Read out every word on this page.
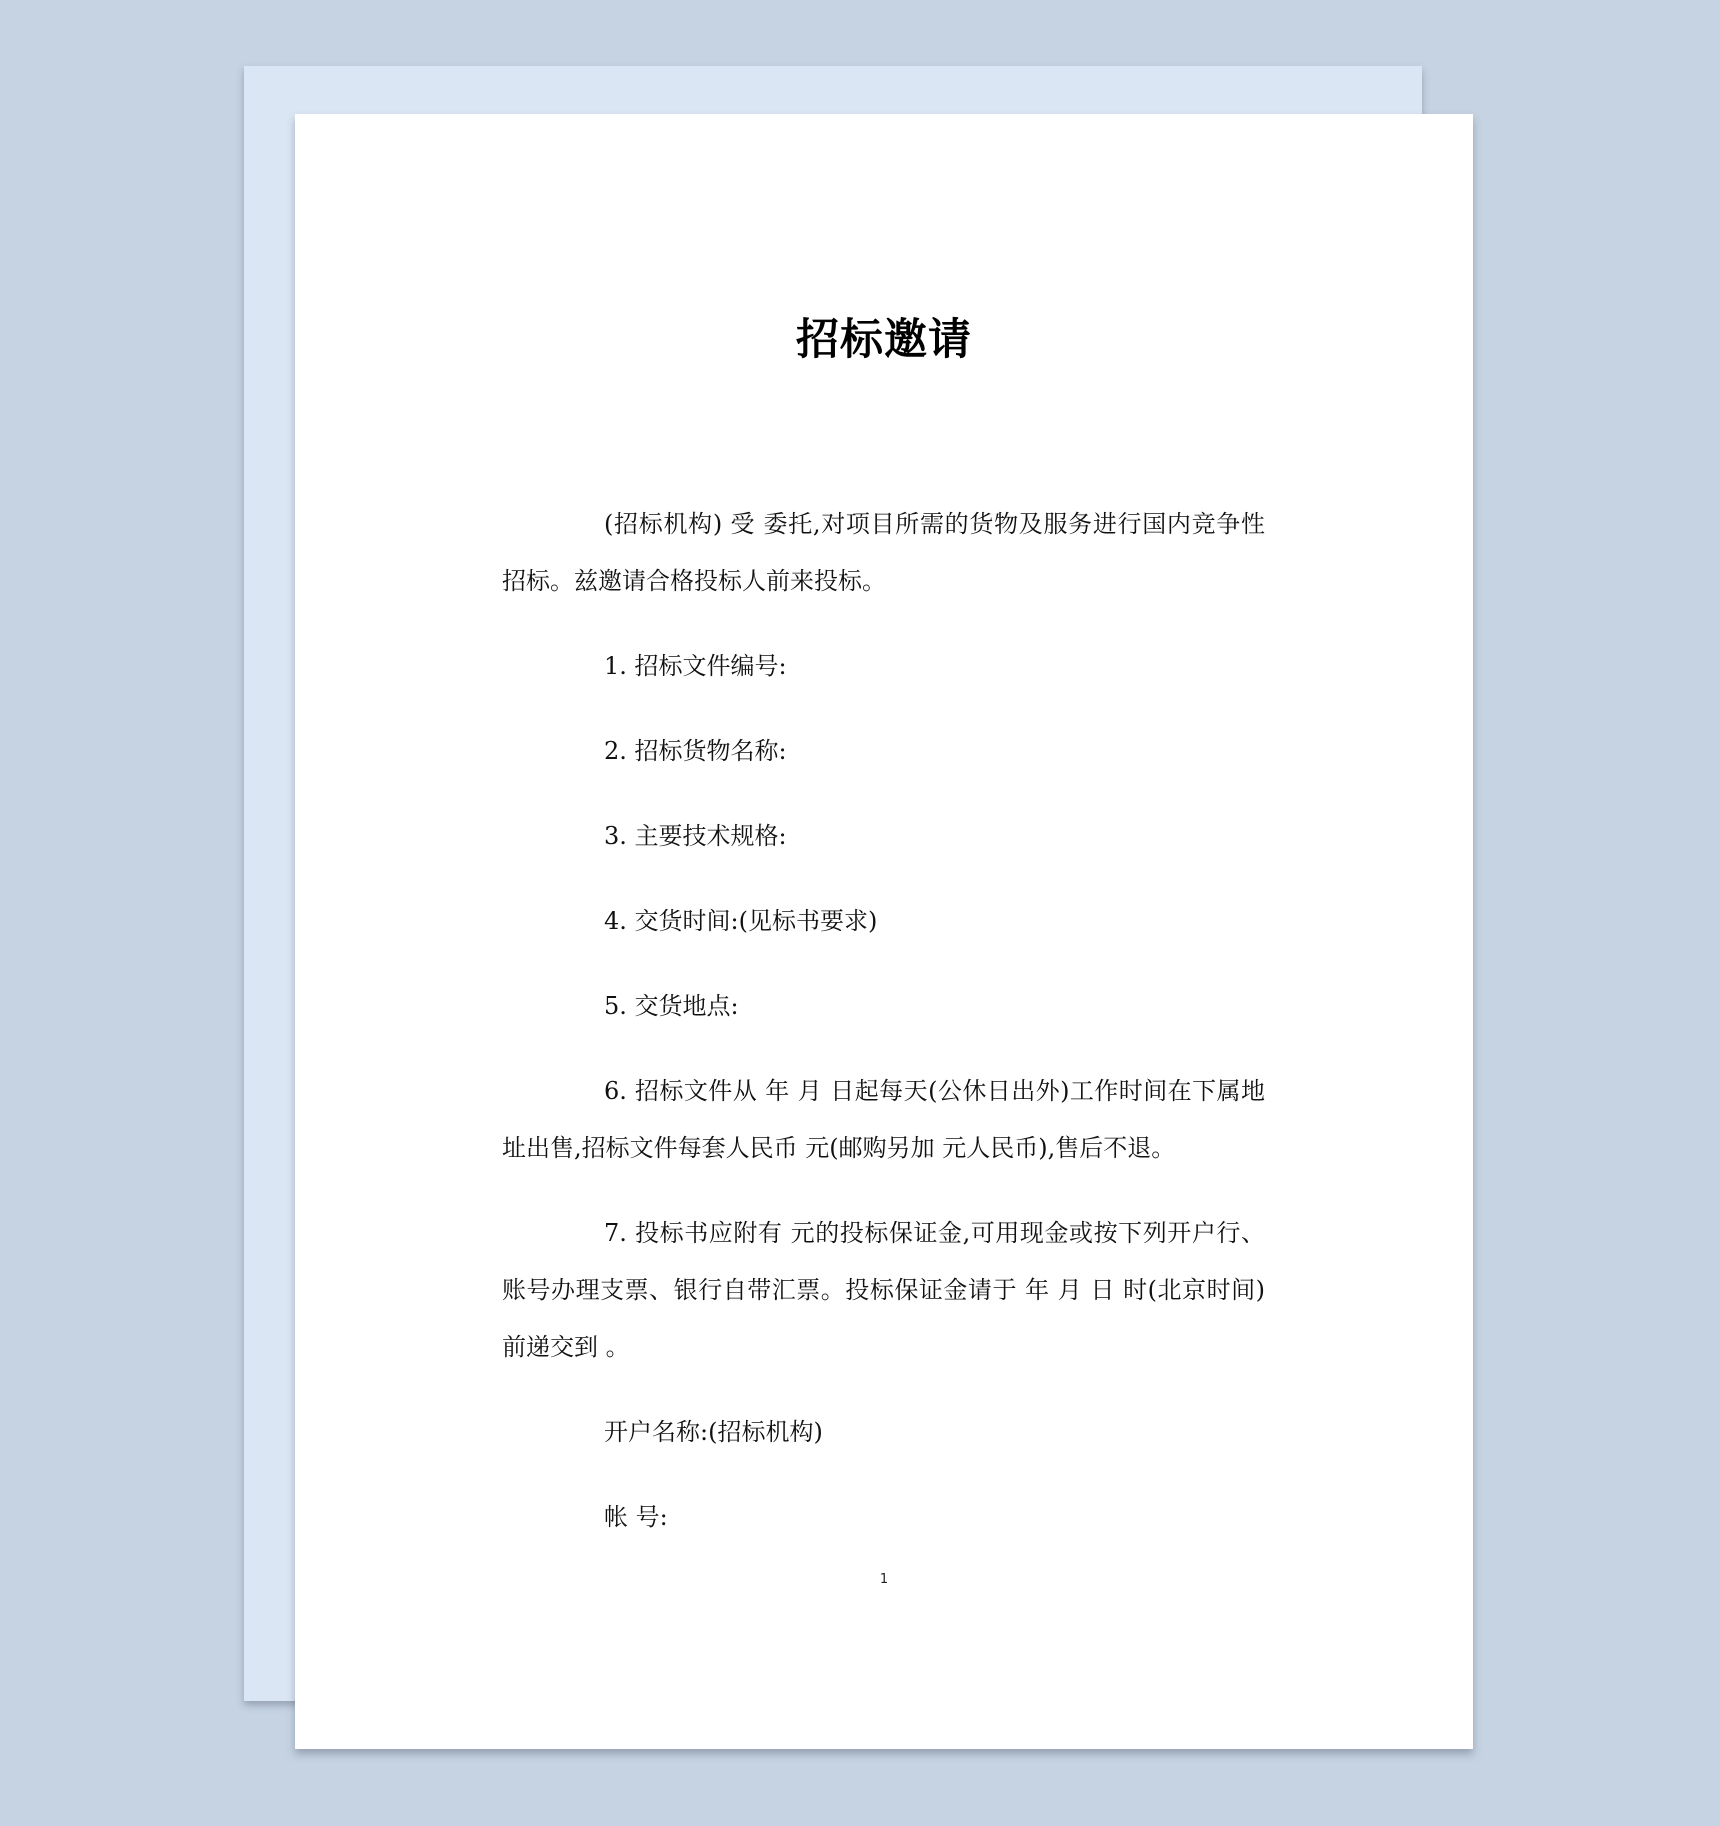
招标邀请

(招标机构) 受 委托,对项目所需的货物及服务进行国内竞争性招标。兹邀请合格投标人前来投标。

1. 招标文件编号:

2. 招标货物名称:

3. 主要技术规格:

4. 交货时间:(见标书要求)

5. 交货地点:

6. 招标文件从 年 月 日起每天(公休日出外)工作时间在下属地址出售,招标文件每套人民币 元(邮购另加 元人民币),售后不退。

7. 投标书应附有 元的投标保证金,可用现金或按下列开户行、账号办理支票、银行自带汇票。投标保证金请于 年 月 日 时(北京时间)前递交到 。

开户名称:(招标机构)

帐 号:

1
